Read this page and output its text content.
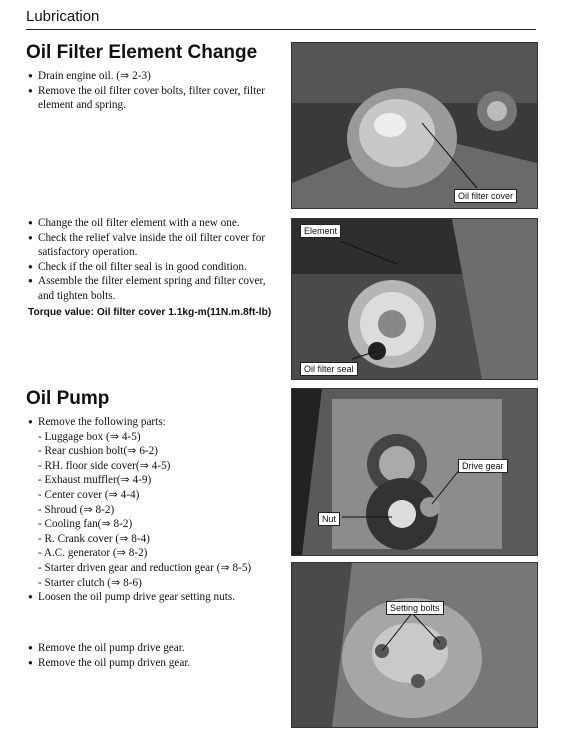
Lubrication
Oil Filter Element Change
● Drain engine oil. (⇒ 2-3)
● Remove the oil filter cover bolts, filter cover, filter element and spring.
● Change the oil filter element with a new one.
● Check the relief valve inside the oil filter cover for satisfactory operation.
● Check if the oil filter seal is in good condition.
● Assemble the filter element spring and filter cover, and tighten bolts.
Torque value: Oil filter cover 1.1kg-m(11N.m.8ft-lb)
Oil Pump
● Remove the following parts:
- Luggage box (⇒ 4-5)
- Rear cushion bolt(⇒ 6-2)
- RH. floor side cover(⇒ 4-5)
- Exhaust muffler(⇒ 4-9)
- Center cover (⇒ 4-4)
- Shroud (⇒ 8-2)
- Cooling fan(⇒ 8-2)
- R. Crank cover (⇒ 8-4)
- A.C. generator (⇒ 8-2)
- Starter driven gear and reduction gear (⇒ 8-5)
- Starter clutch (⇒ 8-6)
● Loosen the oil pump drive gear setting nuts.
● Remove the oil pump drive gear.
● Remove the oil pump driven gear.
Oil filter cover
Element
Oil filter seal
Drive gear
Nut
Setting bolts
